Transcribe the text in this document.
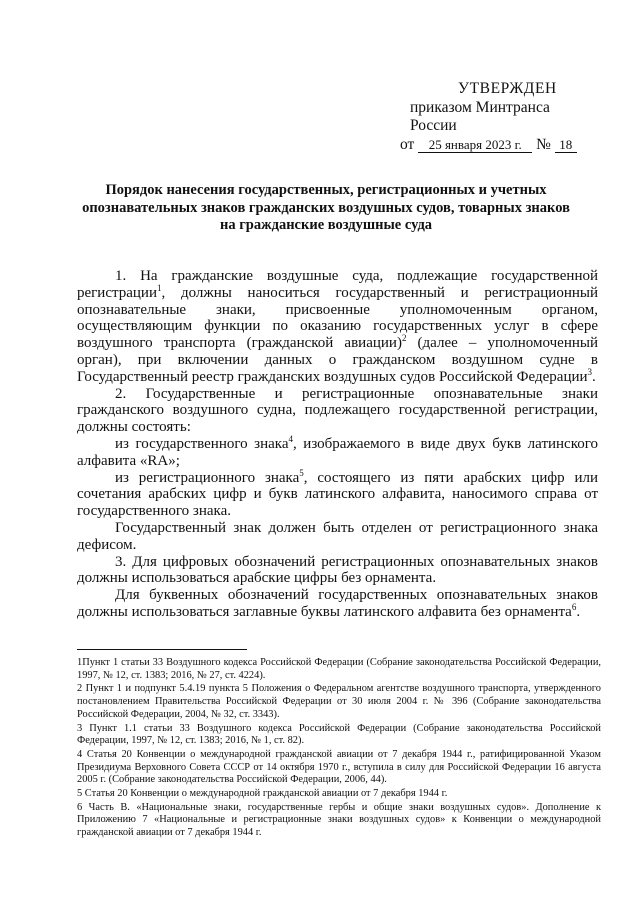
УТВЕРЖДЕН
приказом Минтранса России
от 25 января 2023 г. № 18
Порядок нанесения государственных, регистрационных и учетных опознавательных знаков гражданских воздушных судов, товарных знаков на гражданские воздушные суда

1. На гражданские воздушные суда, подлежащие государственной регистрации$^1$, должны наноситься государственный и регистрационный опознавательные знаки, присвоенные уполномоченным органом, осуществляющим функции по оказанию государственных услуг в сфере воздушного транспорта (гражданской авиации)$^2$ (далее – уполномоченный орган), при включении данных о гражданском воздушном судне в Государственный реестр гражданских воздушных судов Российской Федерации$^3$.

2. Государственные и регистрационные опознавательные знаки гражданского воздушного судна, подлежащего государственной регистрации, должны состоять:

из государственного знака$^4$, изображаемого в виде двух букв латинского алфавита «RA»;

из регистрационного знака$^5$, состоящего из пяти арабских цифр или сочетания арабских цифр и букв латинского алфавита, наносимого справа от государственного знака.

Государственный знак должен быть отделен от регистрационного знака дефисом.

3. Для цифровых обозначений регистрационных опознавательных знаков должны использоваться арабские цифры без орнамента.

Для буквенных обозначений государственных опознавательных знаков должны использоваться заглавные буквы латинского алфавита без орнамента$^6$.

1Пункт 1 статьи 33 Воздушного кодекса Российской Федерации (Собрание законодательства Российской Федерации, 1997, № 12, ст. 1383; 2016, № 27, ст. 4224).

2 Пункт 1 и подпункт 5.4.19 пункта 5 Положения о Федеральном агентстве воздушного транспорта, утвержденного постановлением Правительства Российской Федерации от 30 июля 2004 г. № 396 (Собрание законодательства Российской Федерации, 2004, № 32, ст. 3343).

3 Пункт 1.1 статьи 33 Воздушного кодекса Российской Федерации (Собрание законодательства Российской Федерации, 1997, № 12, ст. 1383; 2016, № 1, ст. 82).

4 Статья 20 Конвенции о международной гражданской авиации от 7 декабря 1944 г., ратифицированной Указом Президиума Верховного Совета СССР от 14 октября 1970 г., вступила в силу для Российской Федерации 16 августа 2005 г. (Собрание законодательства Российской Федерации, 2006, 44).

5 Статья 20 Конвенции о международной гражданской авиации от 7 декабря 1944 г.

6 Часть В. «Национальные знаки, государственные гербы и общие знаки воздушных судов». Дополнение к Приложению 7 «Национальные и регистрационные знаки воздушных судов» к Конвенции о международной гражданской авиации от 7 декабря 1944 г.
